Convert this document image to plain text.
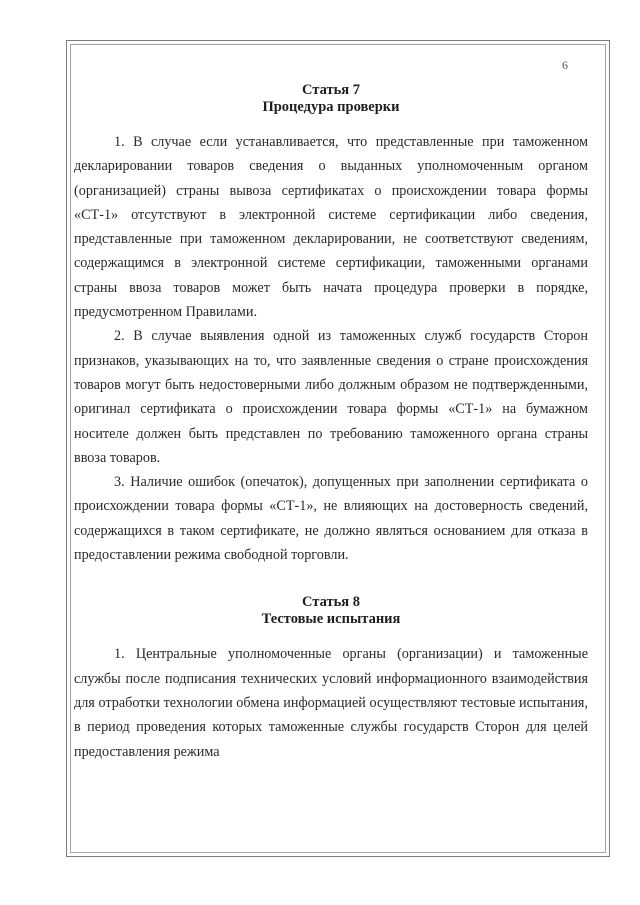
6
Статья 7
Процедура проверки

1. В случае если устанавливается, что представленные при таможенном декларировании товаров сведения о выданных уполномоченным органом (организацией) страны вывоза сертификатах о происхождении товара формы «СТ-1» отсутствуют в электронной системе сертификации либо сведения, представленные при таможенном декларировании, не соответствуют сведениям, содержащимся в электронной системе сертификации, таможенными органами страны ввоза товаров может быть начата процедура проверки в порядке, предусмотренном Правилами.

2. В случае выявления одной из таможенных служб государств Сторон признаков, указывающих на то, что заявленные сведения о стране происхождения товаров могут быть недостоверными либо должным образом не подтвержденными, оригинал сертификата о происхождении товара формы «СТ-1» на бумажном носителе должен быть представлен по требованию таможенного органа страны ввоза товаров.

3. Наличие ошибок (опечаток), допущенных при заполнении сертификата о происхождении товара формы «СТ-1», не влияющих на достоверность сведений, содержащихся в таком сертификате, не должно являться основанием для отказа в предоставлении режима свободной торговли.

Статья 8
Тестовые испытания

1. Центральные уполномоченные органы (организации) и таможенные службы после подписания технических условий информационного взаимодействия для отработки технологии обмена информацией осуществляют тестовые испытания, в период проведения которых таможенные службы государств Сторон для целей предоставления режима
